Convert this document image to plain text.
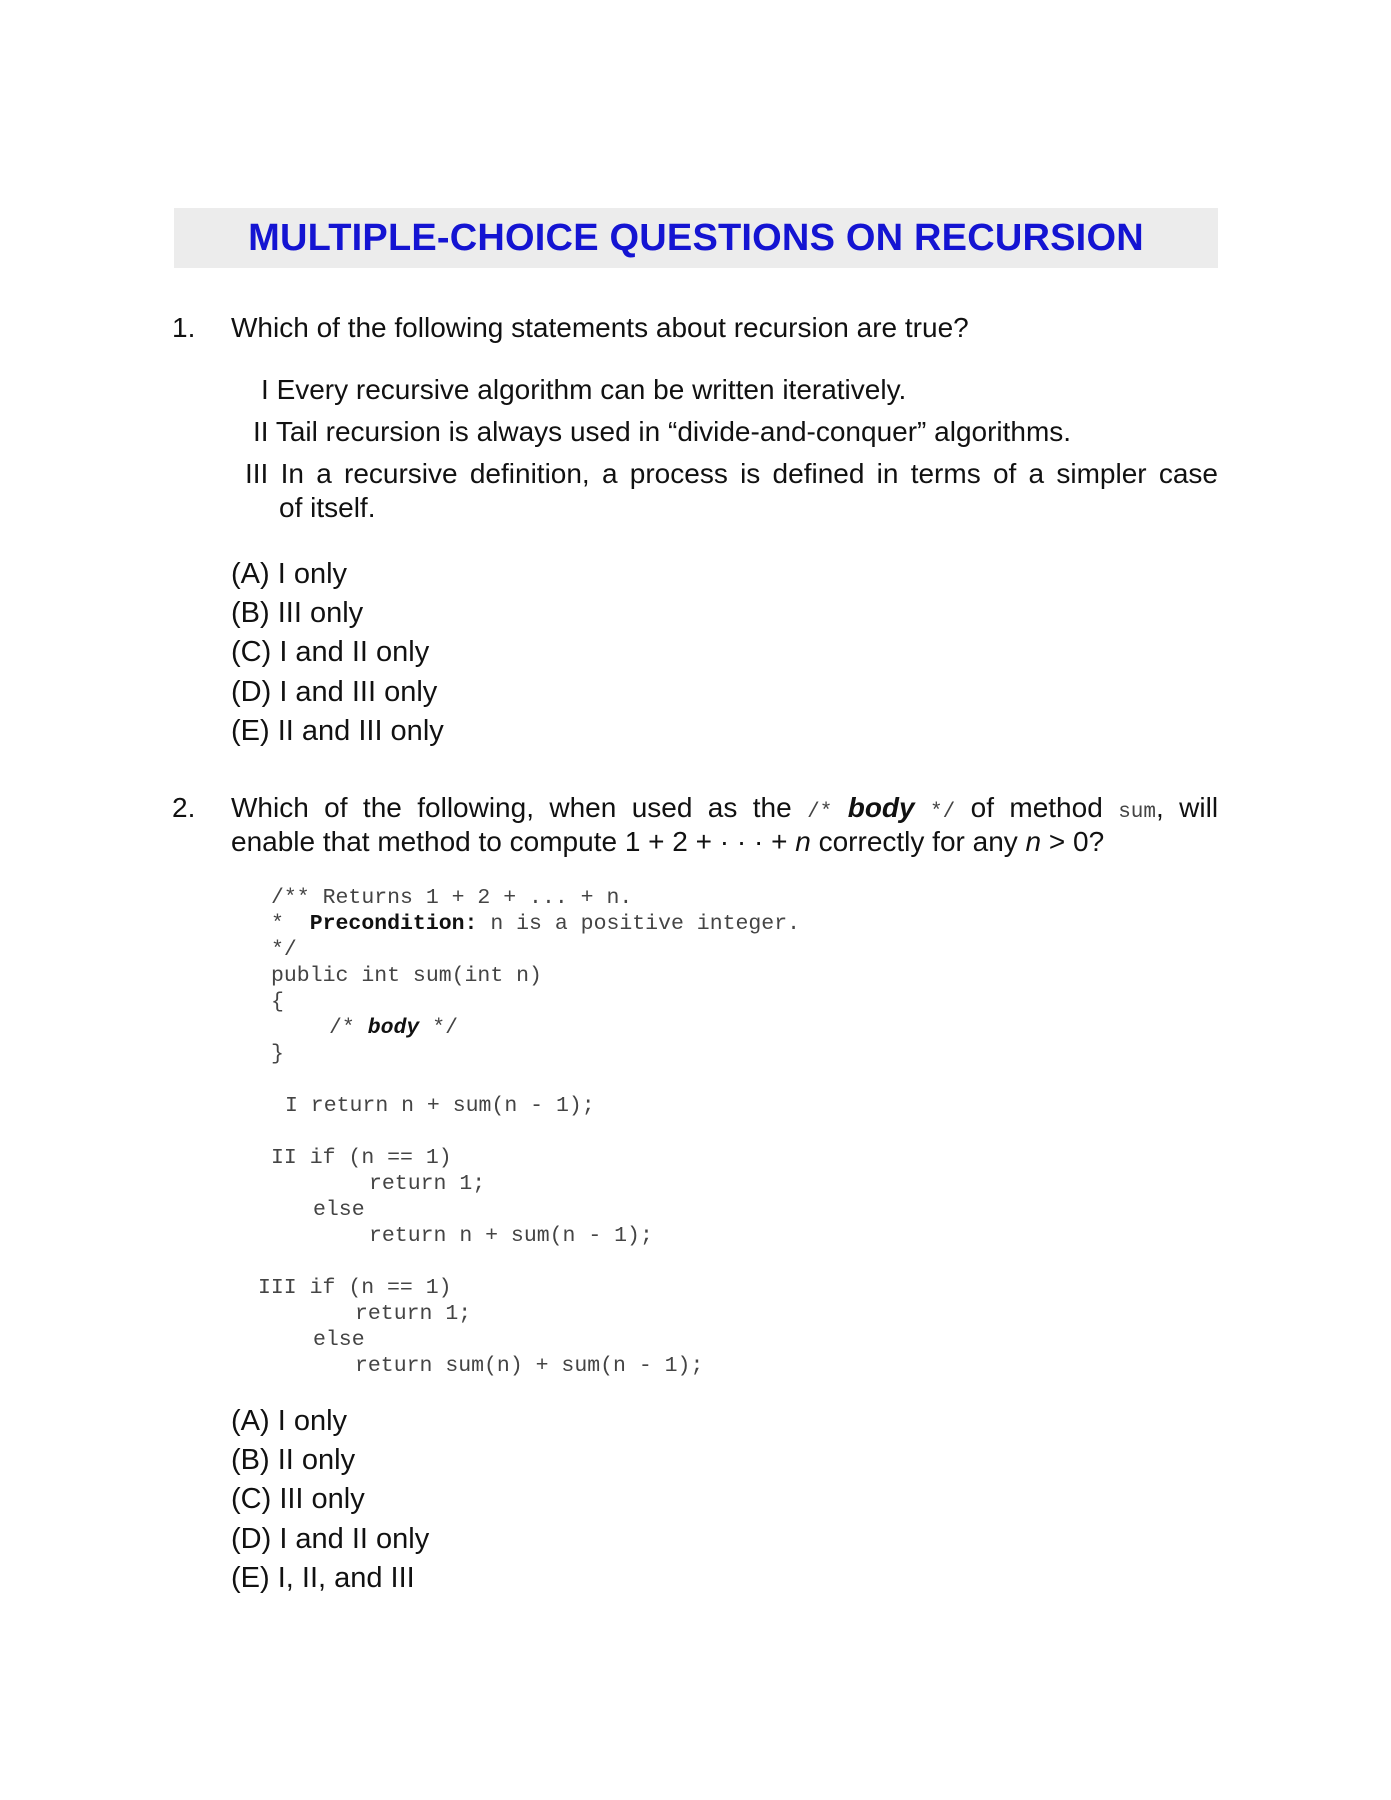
MULTIPLE-CHOICE QUESTIONS ON RECURSION
1. Which of the following statements about recursion are true?
I Every recursive algorithm can be written iteratively.
II Tail recursion is always used in “divide-and-conquer” algorithms.
III In a recursive definition, a process is defined in terms of a simpler case
of itself.
(A) I only
(B) III only
(C) I and II only
(D) I and III only
(E) II and III only
2. Which of the following, when used as the /* body */ of method sum, will
enable that method to compute 1 + 2 + · · · + n correctly for any n > 0?
/** Returns 1 + 2 + ... + n.
* Precondition: n is a positive integer.
*/
public int sum(int n)
{
/* body */
}
I return n + sum(n - 1);
II if (n == 1)
return 1;
else
return n + sum(n - 1);
III if (n == 1)
return 1;
else
return sum(n) + sum(n - 1);
(A) I only
(B) II only
(C) III only
(D) I and II only
(E) I, II, and III
